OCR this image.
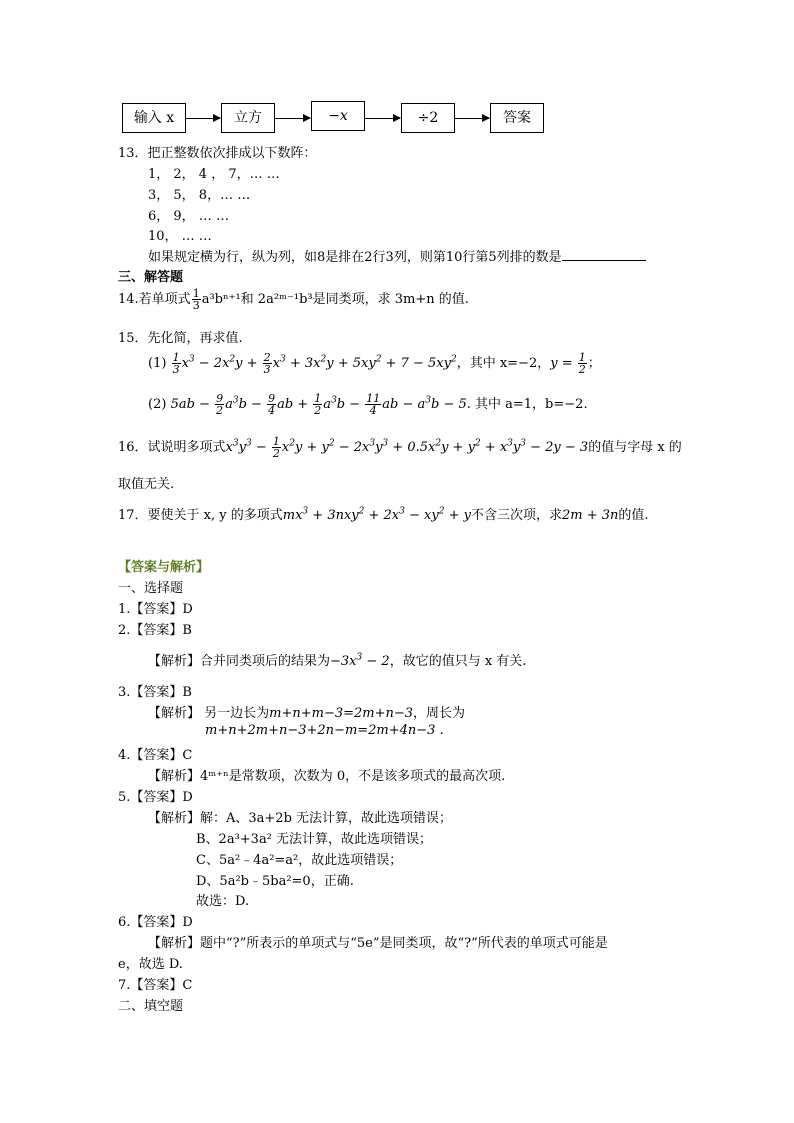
输入 x	立方	−x	÷2	答案
13．把正整数依次排成以下数阵：
1， 2， 4 ， 7，… …
3， 5， 8，… …
6， 9， … …
10， … …
如果规定横为行，纵为列，如8是排在2行3列，则第10行第5列排的数是
三、解答题
14.若单项式 $\frac{1}{3} a^3b^{n+1}$和 2a²ᵐ⁻¹b³是同类项，求 3m+n 的值.
15．先化简，再求值.
$(1) \frac{1}{3} x^3 - 2x^2y + \frac{2}{3} x^3 + 3x^2y + 5xy^2 + 7 - 5xy^2$，其中 x=−2，$y = \frac{1}{2}$ ；
(2) $5ab - \frac{9}{2} a^3b - \frac{9}{4}$ ab + $\frac{1}{2} a^3b - \frac{11}{4}$ ab − $a^3b - 5$. 其中 a=1，b=−2.
16．试说明多项式$x^3y^3 - \frac{1}{2} x^2y + y^2 - 2x^3y^3 + 0.5x^2y + y^2 + x^3y^3 - 2y - 3$的值与字母 x 的
取值无关.
17．要使关于 x, y 的多项式$mx^3 + 3nxy^2 + 2x^3 - xy^2 + y$不含三次项，求2m + 3n的值.
【答案与解析】
一、选择题
1.【答案】D
2.【答案】B
【解析】合并同类项后的结果为$-3x^3 - 2$，故它的值只与 x 有关.
3.【答案】B
【解析】 另一边长为m+n+m−3=2m+n−3，周长为
m+n+2m+n−3+2n−m=2m+4n−3 .
4.【答案】C
【解析】4ᵐ⁺ⁿ是常数项，次数为 0，不是该多项式的最高次项.
5.【答案】D
【解析】解：A、3a+2b 无法计算，故此选项错误；
B、2a³+3a² 无法计算，故此选项错误；
C、5a²﹣4a²=a²，故此选项错误；
D、5a²b﹣5ba²=0，正确.
故选：D.
6.【答案】D
【解析】题中“?”所表示的单项式与“5e”是同类项，故“?”所代表的单项式可能是
e，故选 D.
7.【答案】C
二、填空题
